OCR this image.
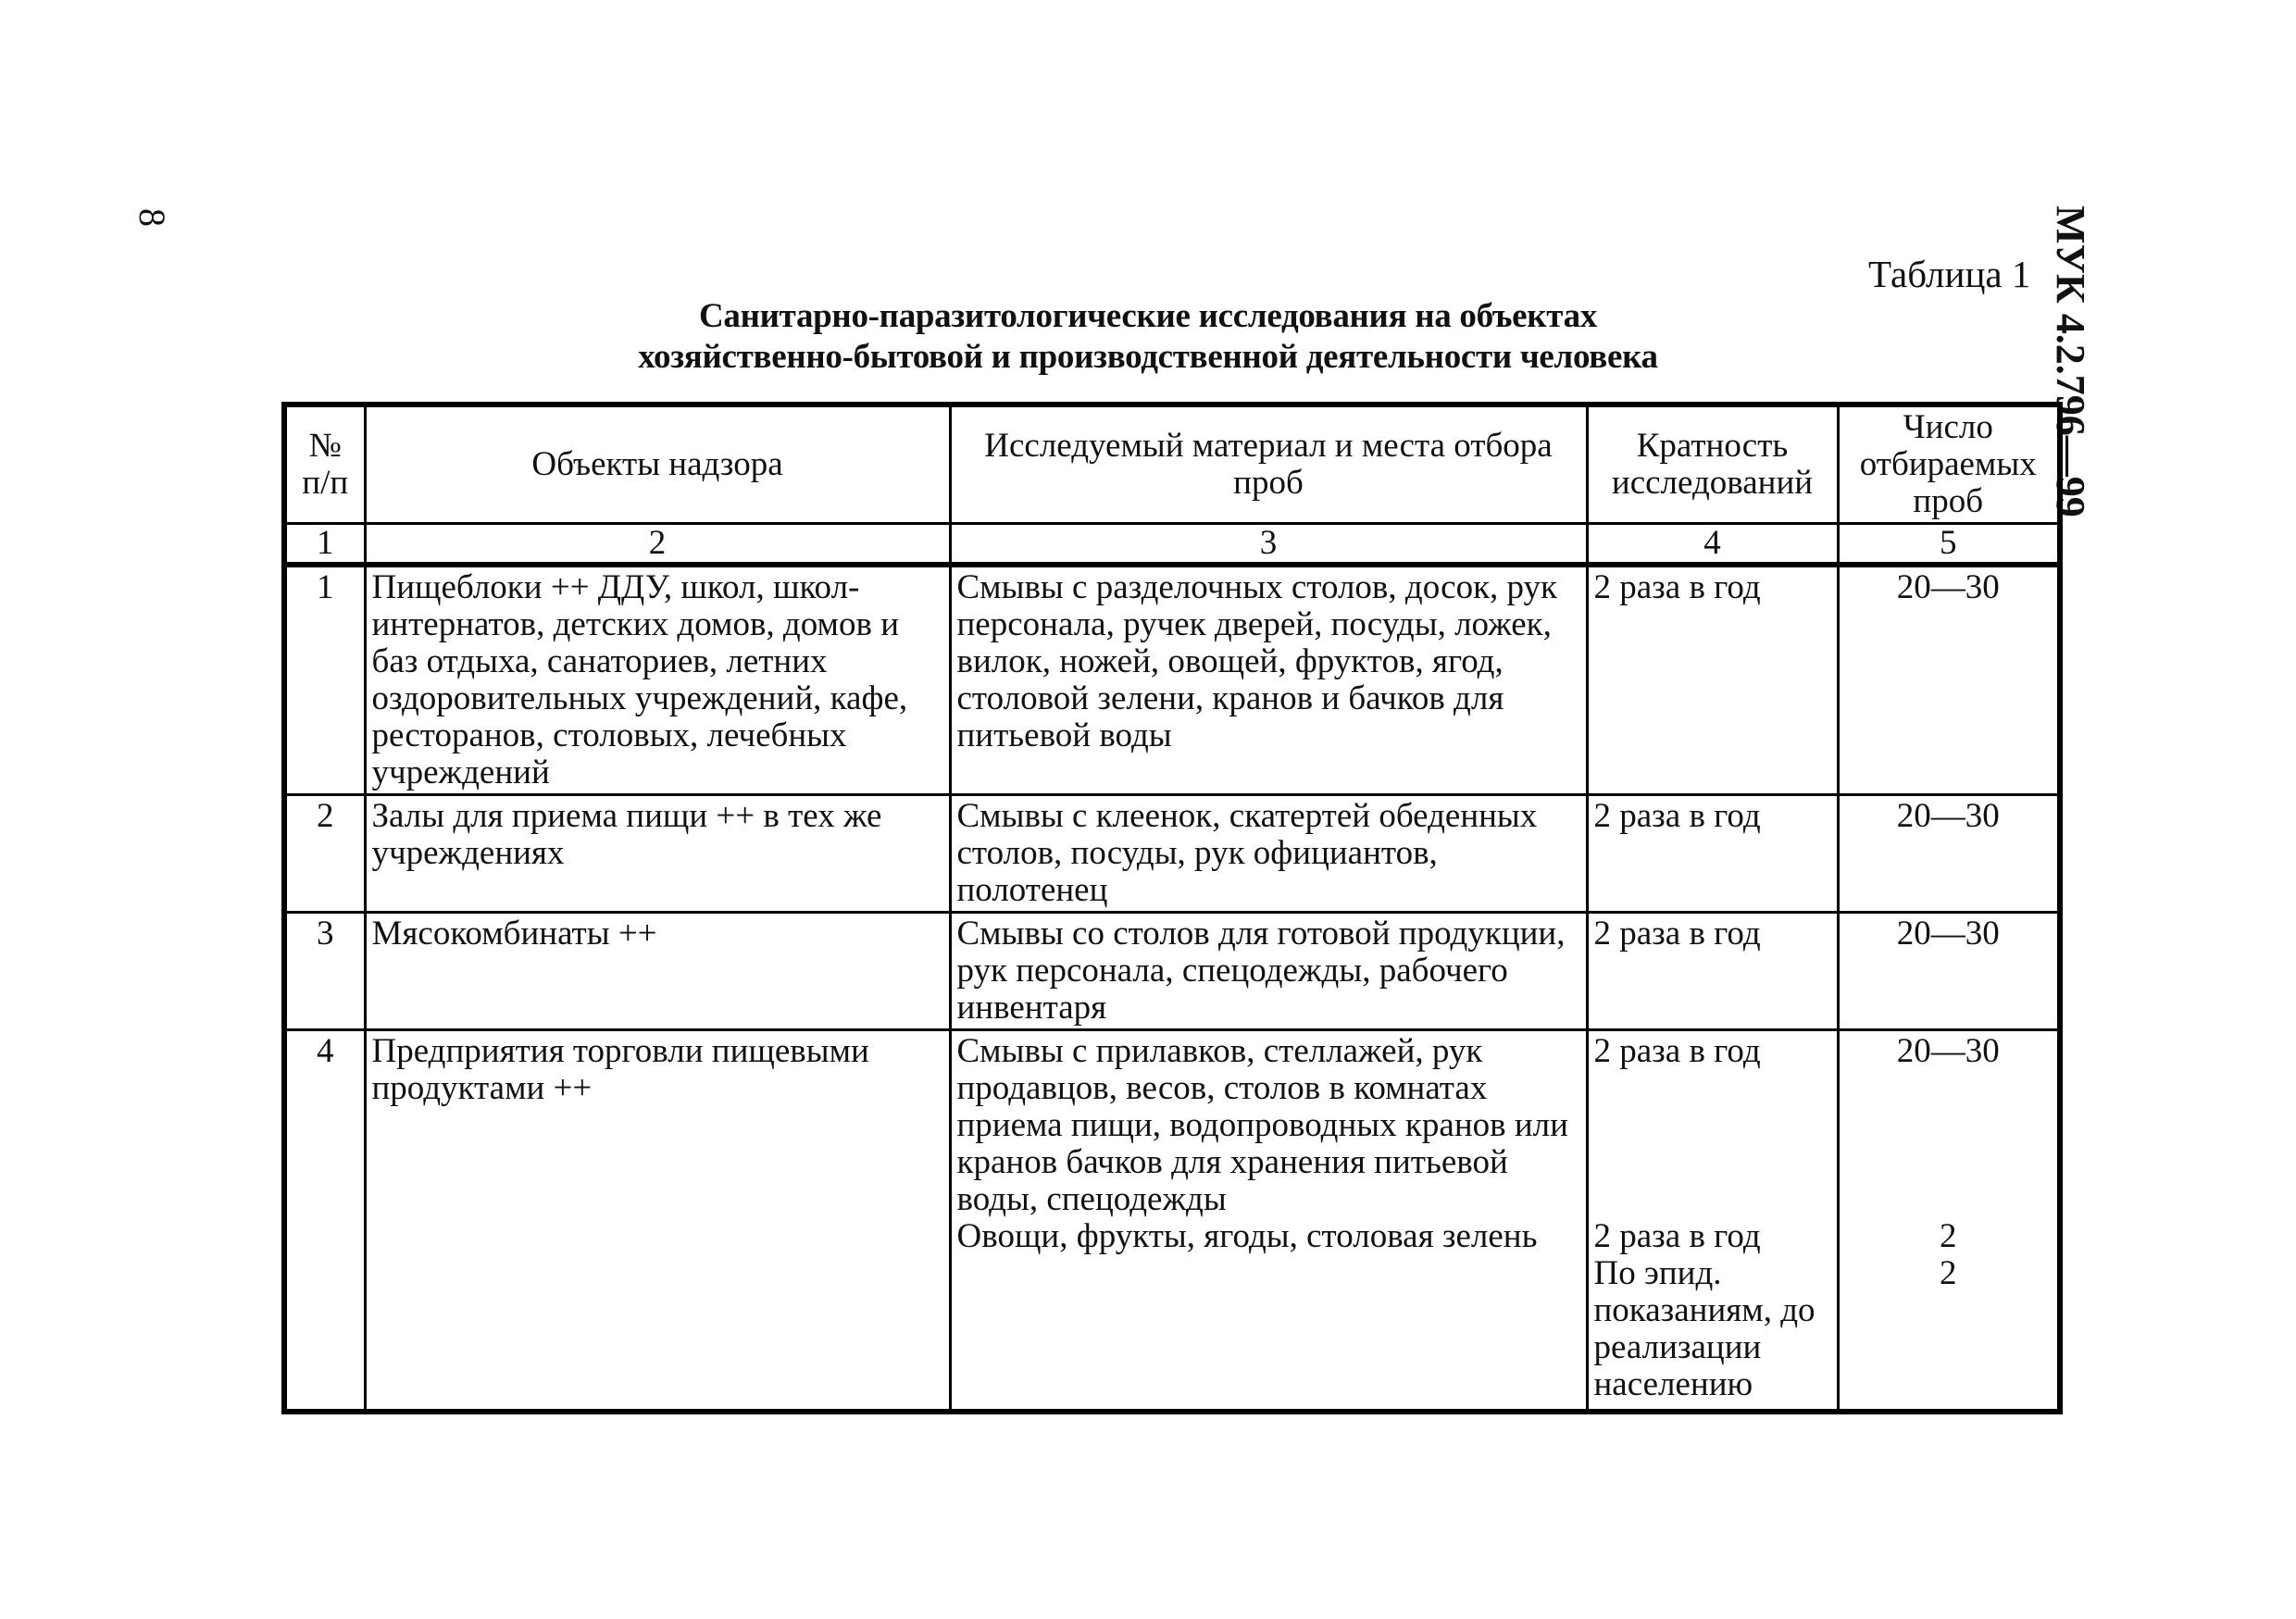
8	МУК 4.2.796—99
Таблица 1
Санитарно-паразитологические исследования на объектах
хозяйственно-бытовой и производственной деятельности человека
№ п/п	Объекты надзора	Исследуемый материал и места отбора проб	Кратность исследований	Число отбираемых проб
1	2	3	4	5
1	Пищеблоки ++ ДДУ, школ, школ-интернатов, детских домов, домов и баз отдыха, санаториев, летних оздоровительных учреждений, кафе, ресторанов, столовых, лечебных учреждений	Смывы с разделочных столов, досок, рук персонала, ручек дверей, посуды, ложек, вилок, ножей, овощей, фруктов, ягод, столовой зелени, кранов и бачков для питьевой воды	2 раза в год	20—30
2	Залы для приема пищи ++ в тех же учреждениях	Смывы с клеенок, скатертей обеденных столов, посуды, рук официантов, полотенец	2 раза в год	20—30
3	Мясокомбинаты ++	Смывы со столов для готовой продукции, рук персонала, спецодежды, рабочего инвентаря	2 раза в год	20—30
4	Предприятия торговли пищевыми продуктами ++	
Смывы с прилавков, стеллажей, рук продавцов, весов, столов в комнатах приема пищи, водопроводных кранов или кранов бачков для хранения питьевой воды, спецодежды
Овощи, фрукты, ягоды, столовая зелень

2 раза в год
2 раза в год
По эпид. показаниям, до реализации населению

20—30
2
2
